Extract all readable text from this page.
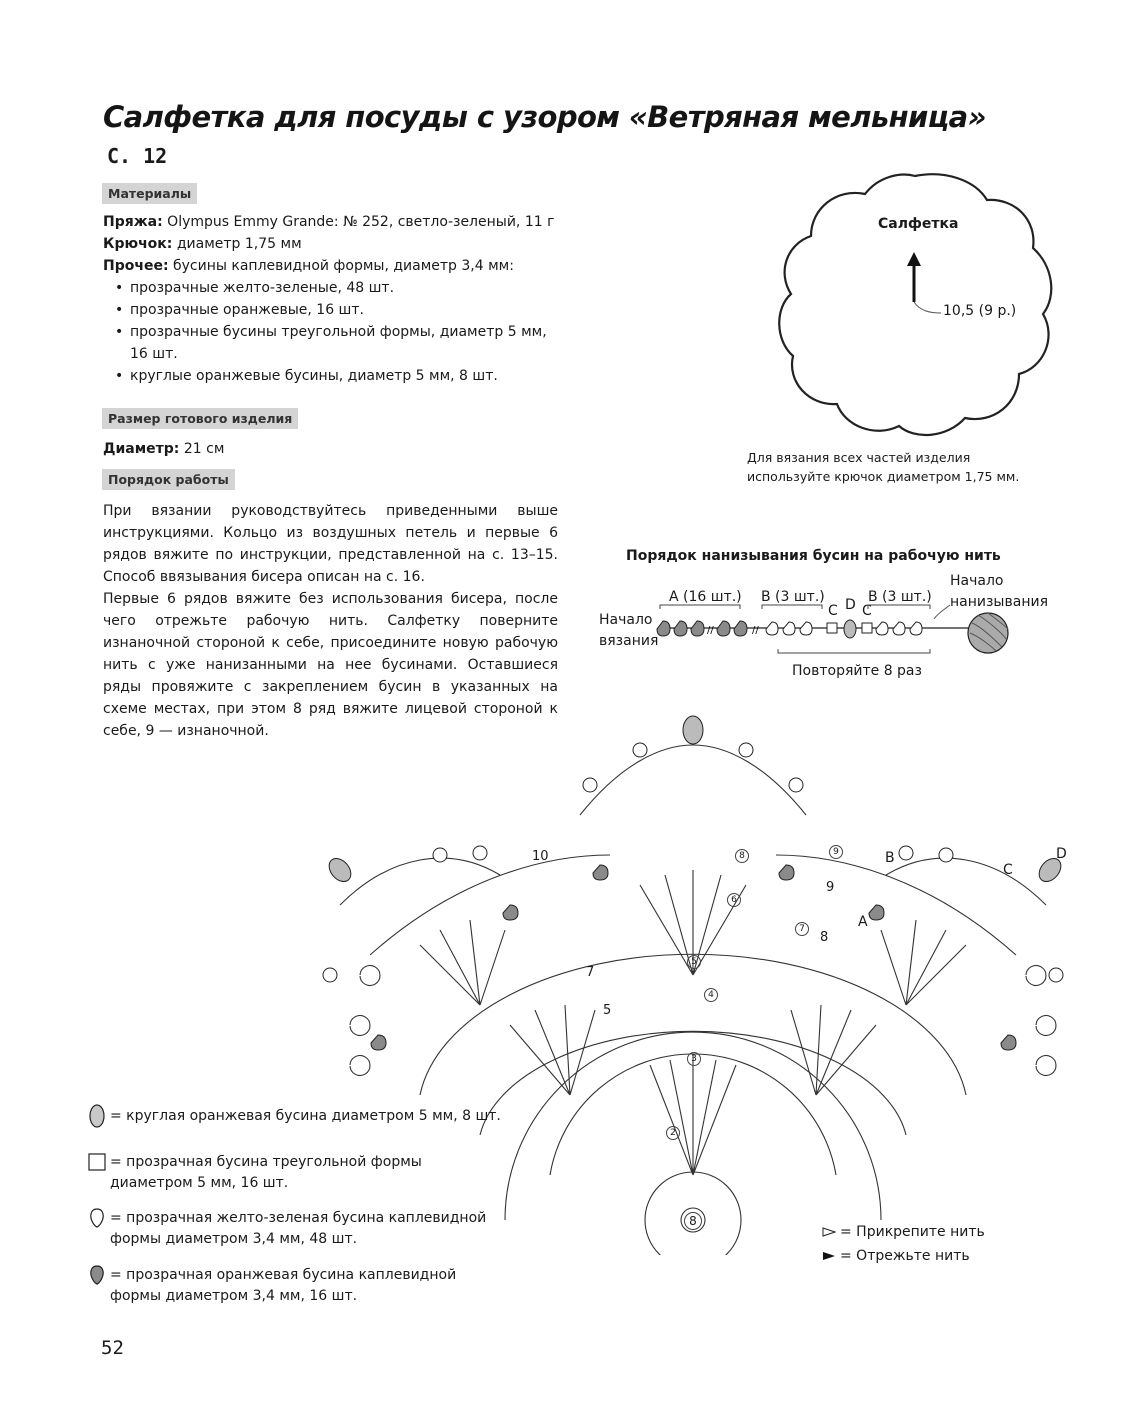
Салфетка для посуды с узором «Ветряная мельница»
С. 12
Материалы
Пряжа: Olympus Emmy Grande: № 252, светло-зеленый, 11 г
Крючок: диаметр 1,75 мм
Прочее: бусины каплевидной формы, диаметр 3,4 мм:
• прозрачные желто-зеленые, 48 шт.
• прозрачные оранжевые, 16 шт.
• прозрачные бусины треугольной формы, диаметр 5 мм, 16 шт.
• круглые оранжевые бусины, диаметр 5 мм, 8 шт.
Размер готового изделия
Диаметр: 21 см
Порядок работы

При вязании руководствуйтесь приведенными выше инструкциями. Кольцо из воздушных петель и первые 6 рядов вяжите по инструкции, представленной на с. 13–15. Способ ввязывания бисера описан на с. 16.

Первые 6 рядов вяжите без использования бисера, после чего отрежьте рабочую нить. Салфетку поверните изнаночной стороной к себе, присоедините новую рабочую нить с уже нанизанными на нее бусинами. Оставшиеся ряды провяжите с закреплением бусин в указанных на схеме местах, при этом 8 ряд вяжите лицевой стороной к себе, 9 — изнаночной.

Салфетка
10,5 (9 р.)
Для вязания всех частей изделия
используйте крючок диаметром 1,75 мм.
Порядок нанизывания бусин на рабочую нить
Начало
вязания
Начало
нанизывания
A (16 шт.) B (3 шт.)
C D C
B (3 шт.)
Повторяйте 8 раз
//	//
10
9
8
7
5
8	9
6
7
5
4
3
2
8
B
C
D
A
= круглая оранжевая бусина диаметром 5 мм, 8 шт.
= прозрачная бусина треугольной формы
диаметром 5 мм, 16 шт.
= прозрачная желто-зеленая бусина каплевидной
формы диаметром 3,4 мм, 48 шт.
= прозрачная оранжевая бусина каплевидной
формы диаметром 3,4 мм, 16 шт.
= Прикрепите нить
= Отрежьте нить
52
